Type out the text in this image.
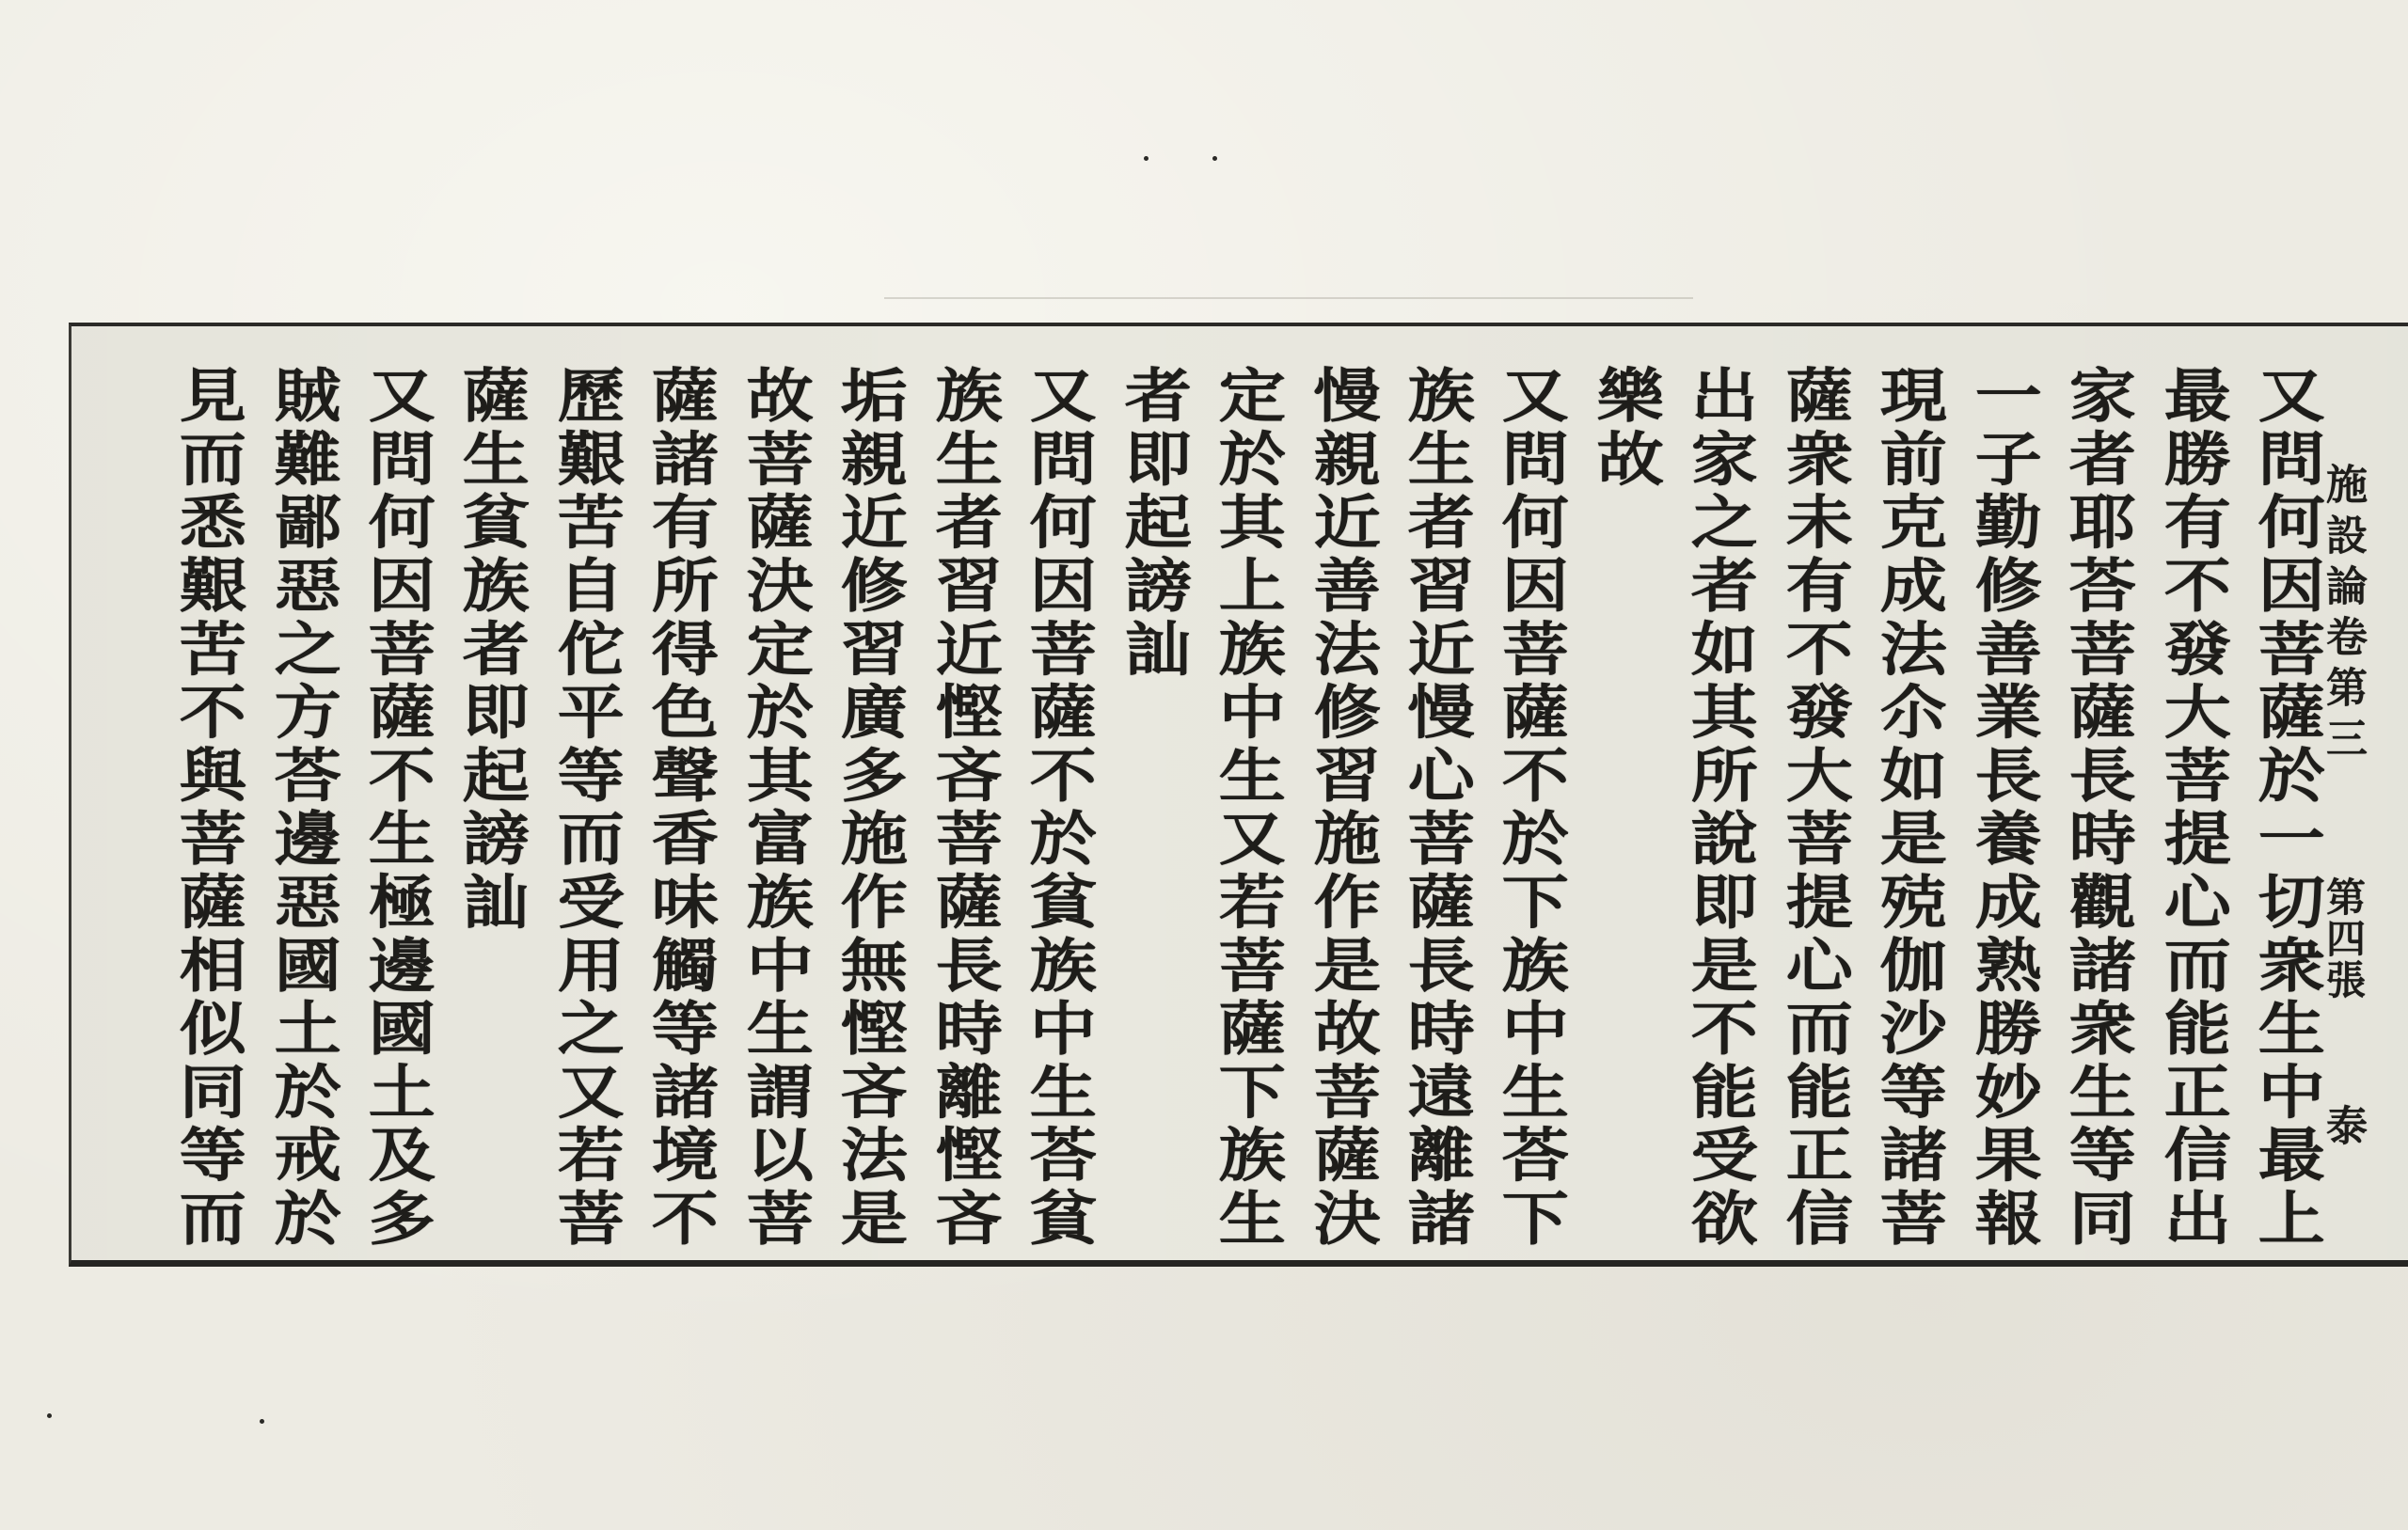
施設論卷第三
第四張
泰
又問何因菩薩於一切衆生中最上
最勝有不發大菩提心而能正信出
家者耶荅菩薩長時觀諸衆生等同
一子勤修善業長養成熟勝妙果報
現前克成法尒如是殑伽沙等諸菩
薩衆未有不發大菩提心而能正信
出家之者如其所說即是不能受欲
樂故
又問何因菩薩不於下族中生荅下
族生者習近慢心菩薩長時遠離諸
慢親近善法修習施作是故菩薩決
定於其上族中生又若菩薩下族生
者即起謗訕
又問何因菩薩不於貧族中生荅貧
族生者習近慳吝菩薩長時離慳吝
垢親近修習廣多施作無慳吝法是
故菩薩決定於其富族中生謂以菩
薩諸有所得色聲香味觸等諸境不
歷艱苦自佗平等而受用之又若菩
薩生貧族者即起謗訕
又問何因菩薩不生極邊國土及多
賊難鄙惡之方荅邊惡國土於戒於
見而悉艱苦不與菩薩相似同等而
